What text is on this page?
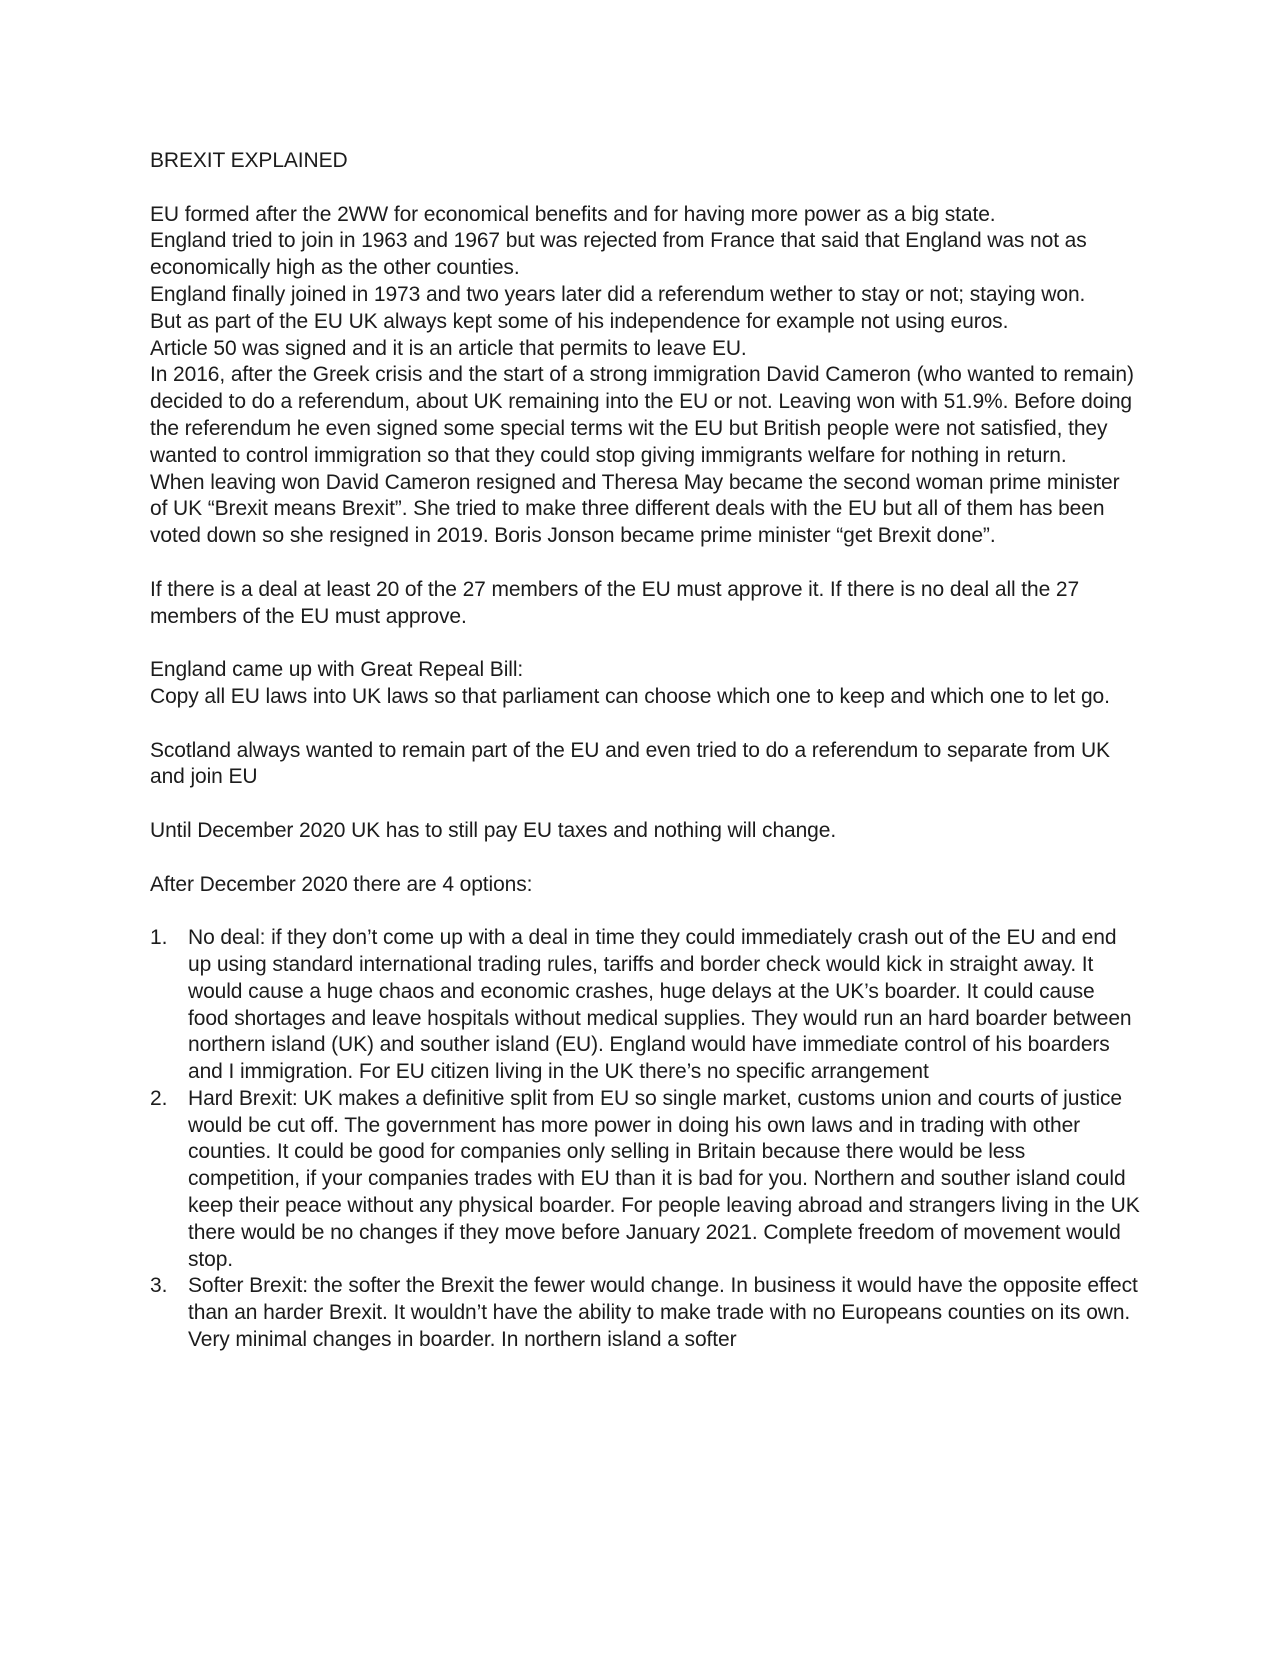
BREXIT EXPLAINED

EU formed after the 2WW for economical benefits and for having more power as a big state.

England tried to join in 1963 and 1967 but was rejected from France that said that England was not as economically high as the other counties.

England finally joined in 1973 and two years later did a referendum wether to stay or not; staying won.

But as part of the EU UK always kept some of his independence for example not using euros.

Article 50 was signed and it is an article that permits to leave EU.

In 2016, after the Greek crisis and the start of a strong immigration David Cameron (who wanted to remain) decided to do a referendum, about UK remaining into the EU or not. Leaving won with 51.9%. Before doing the referendum he even signed some special terms wit the EU but British people were not satisfied, they wanted to control immigration so that they could stop giving immigrants welfare for nothing in return.

When leaving won David Cameron resigned and Theresa May became the second woman prime minister of UK “Brexit means Brexit”. She tried to make three different deals with the EU but all of them has been voted down so she resigned in 2019. Boris Jonson became prime minister “get Brexit done”.

If there is a deal at least 20 of the 27 members of the EU must approve it. If there is no deal all the 27 members of the EU must approve.

England came up with Great Repeal Bill:

Copy all EU laws into UK laws so that parliament can choose which one to keep and which one to let go.

Scotland always wanted to remain part of the EU and even tried to do a referendum to separate from UK and join EU

Until December 2020 UK has to still pay EU taxes and nothing will change.

After December 2020 there are 4 options:

1. No deal: if they don’t come up with a deal in time they could immediately crash out of the EU and end up using standard international trading rules, tariffs and border check would kick in straight away. It would cause a huge chaos and economic crashes, huge delays at the UK’s boarder. It could cause food shortages and leave hospitals without medical supplies. They would run an hard boarder between northern island (UK) and souther island (EU). England would have immediate control of his boarders and I immigration. For EU citizen living in the UK there’s no specific arrangement
2. Hard Brexit: UK makes a definitive split from EU so single market, customs union and courts of justice would be cut off. The government has more power in doing his own laws and in trading with other counties. It could be good for companies only selling in Britain because there would be less competition, if your companies trades with EU than it is bad for you. Northern and souther island could keep their peace without any physical boarder. For people leaving abroad and strangers living in the UK there would be no changes if they move before January 2021. Complete freedom of movement would stop.
3. Softer Brexit: the softer the Brexit the fewer would change. In business it would have the opposite effect than an harder Brexit. It wouldn’t have the ability to make trade with no Europeans counties on its own. Very minimal changes in boarder. In northern island a softer
